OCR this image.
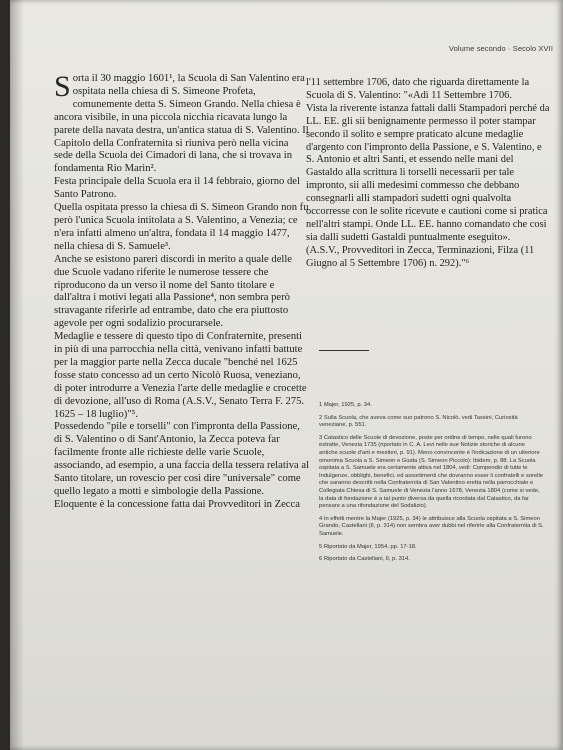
Volume secondo · Secolo XVII

Sorta il 30 maggio 1601¹, la Scuola di San Valentino era ospitata nella chiesa di S. Simeone Profeta, comunemente detta S. Simeon Grando. Nella chiesa è ancora visibile, in una piccola nicchia ricavata lungo la parete della navata destra, un'antica statua di S. Valentino. Il Capitolo della Confraternita si riuniva però nella vicina sede della Scuola dei Cimadori di lana, che si trovava in fondamenta Rio Marin².

Festa principale della Scuola era il 14 febbraio, giorno del Santo Patrono.

Quella ospitata presso la chiesa di S. Simeon Grando non fu però l'unica Scuola intitolata a S. Valentino, a Venezia; ce n'era infatti almeno un'altra, fondata il 14 maggio 1477, nella chiesa di S. Samuele³.

Anche se esistono pareri discordi in merito a quale delle due Scuole vadano riferite le numerose tessere che riproducono da un verso il nome del Santo titolare e dall'altra i motivi legati alla Passione⁴, non sembra però stravagante riferirle ad entrambe, dato che era piuttosto agevole per ogni sodalizio procurarsele.

Medaglie e tessere di questo tipo di Confraternite, presenti in più di una parrocchia nella città, venivano infatti battute per la maggior parte nella Zecca ducale "benché nel 1625 fosse stato concesso ad un certo Nicolò Ruosa, veneziano, di poter introdurre a Venezia l'arte delle medaglie e crocette di devozione, all'uso di Roma (A.S.V., Senato Terra F. 275. 1625 – 18 luglio)"⁵.

Possedendo "pile e torselli" con l'impronta della Passione, di S. Valentino o di Sant'Antonio, la Zecca poteva far facilmente fronte alle richieste delle varie Scuole, associando, ad esempio, a una faccia della tessera relativa al Santo titolare, un rovescio per così dire "universale" come quello legato a motti e simbologie della Passione.

Eloquente è la concessione fatta dai Provveditori in Zecca

l'11 settembre 1706, dato che riguarda direttamente la Scuola di S. Valentino: "«Adì 11 Settembre 1706.

Vista la riverente istanza fattali dalli Stampadori perché da LL. EE. gli sii benignamente permesso il poter stampar secondo il solito e sempre praticato alcune medaglie d'argento con l'impronto della Passione, e S. Valentino, e S. Antonio et altri Santi, et essendo nelle mani del Gastaldo alla scrittura li torselli necessarii per tale impronto, sii alli medesimi commesso che debbano consegnarli alli stampadori sudetti ogni qualvolta occorresse con le solite ricevute e cautioni come si pratica nell'altri stampi. Onde LL. EE. hanno comandato che così sia dalli sudetti Gastaldi puntualmente eseguito».

(A.S.V., Provveditori in Zecca, Terminazioni, Filza (11 Giugno al 5 Settembre 1706) n. 292)."⁶

1 Majer, 1925, p. 34.

2 Sulla Scuola, che aveva come suo patrono S. Nicolò, vedi Tassini, Curiosità veneziane, p. 551.

3 Catastico delle Scuole di devozione, poste per ordine di tempo, nelle quali furono estratte, Venezia 1735 (riportato in C. A. Levi nelle sue Notizie storiche di alcune antiche scuole d'arti e mestieri, p. 91). Meno convincente è l'indicazione di un ulteriore omonima Scuola a S. Simeon e Giuda (S. Simeon Piccolo): Ibidem, p. 88. La Scuola ospitata a S. Samuele era certamente attiva nel 1804, vedi: Compendio di tutte le Indulgenze, obblighi, benefici, ed assortimenti che dovranno esser li confratelli e sorelle che saranno descritti nella Confraternita di San Valentino eretta nella parrocchiale e Collegiata Chiesa di S. Samuele di Venezia l'anno 1678, Venezia 1804 (come si vede, la data di fondazione è a tal punto diversa da quella ricordata dal Catastico, da far pensare a una rifondazione del Sodalizio).

4 In effetti mentre la Majer (1925, p. 34) le attribuisce alla Scuola ospitata a S. Simeon Grando, Castellani (II, p. 314) non sembra aver dubbi nel riferirle alla Confraternita di S. Samuele.

5 Riportato da Majer, 1954, pp. 17-18.

6 Riportato da Castellani, II, p. 314.
